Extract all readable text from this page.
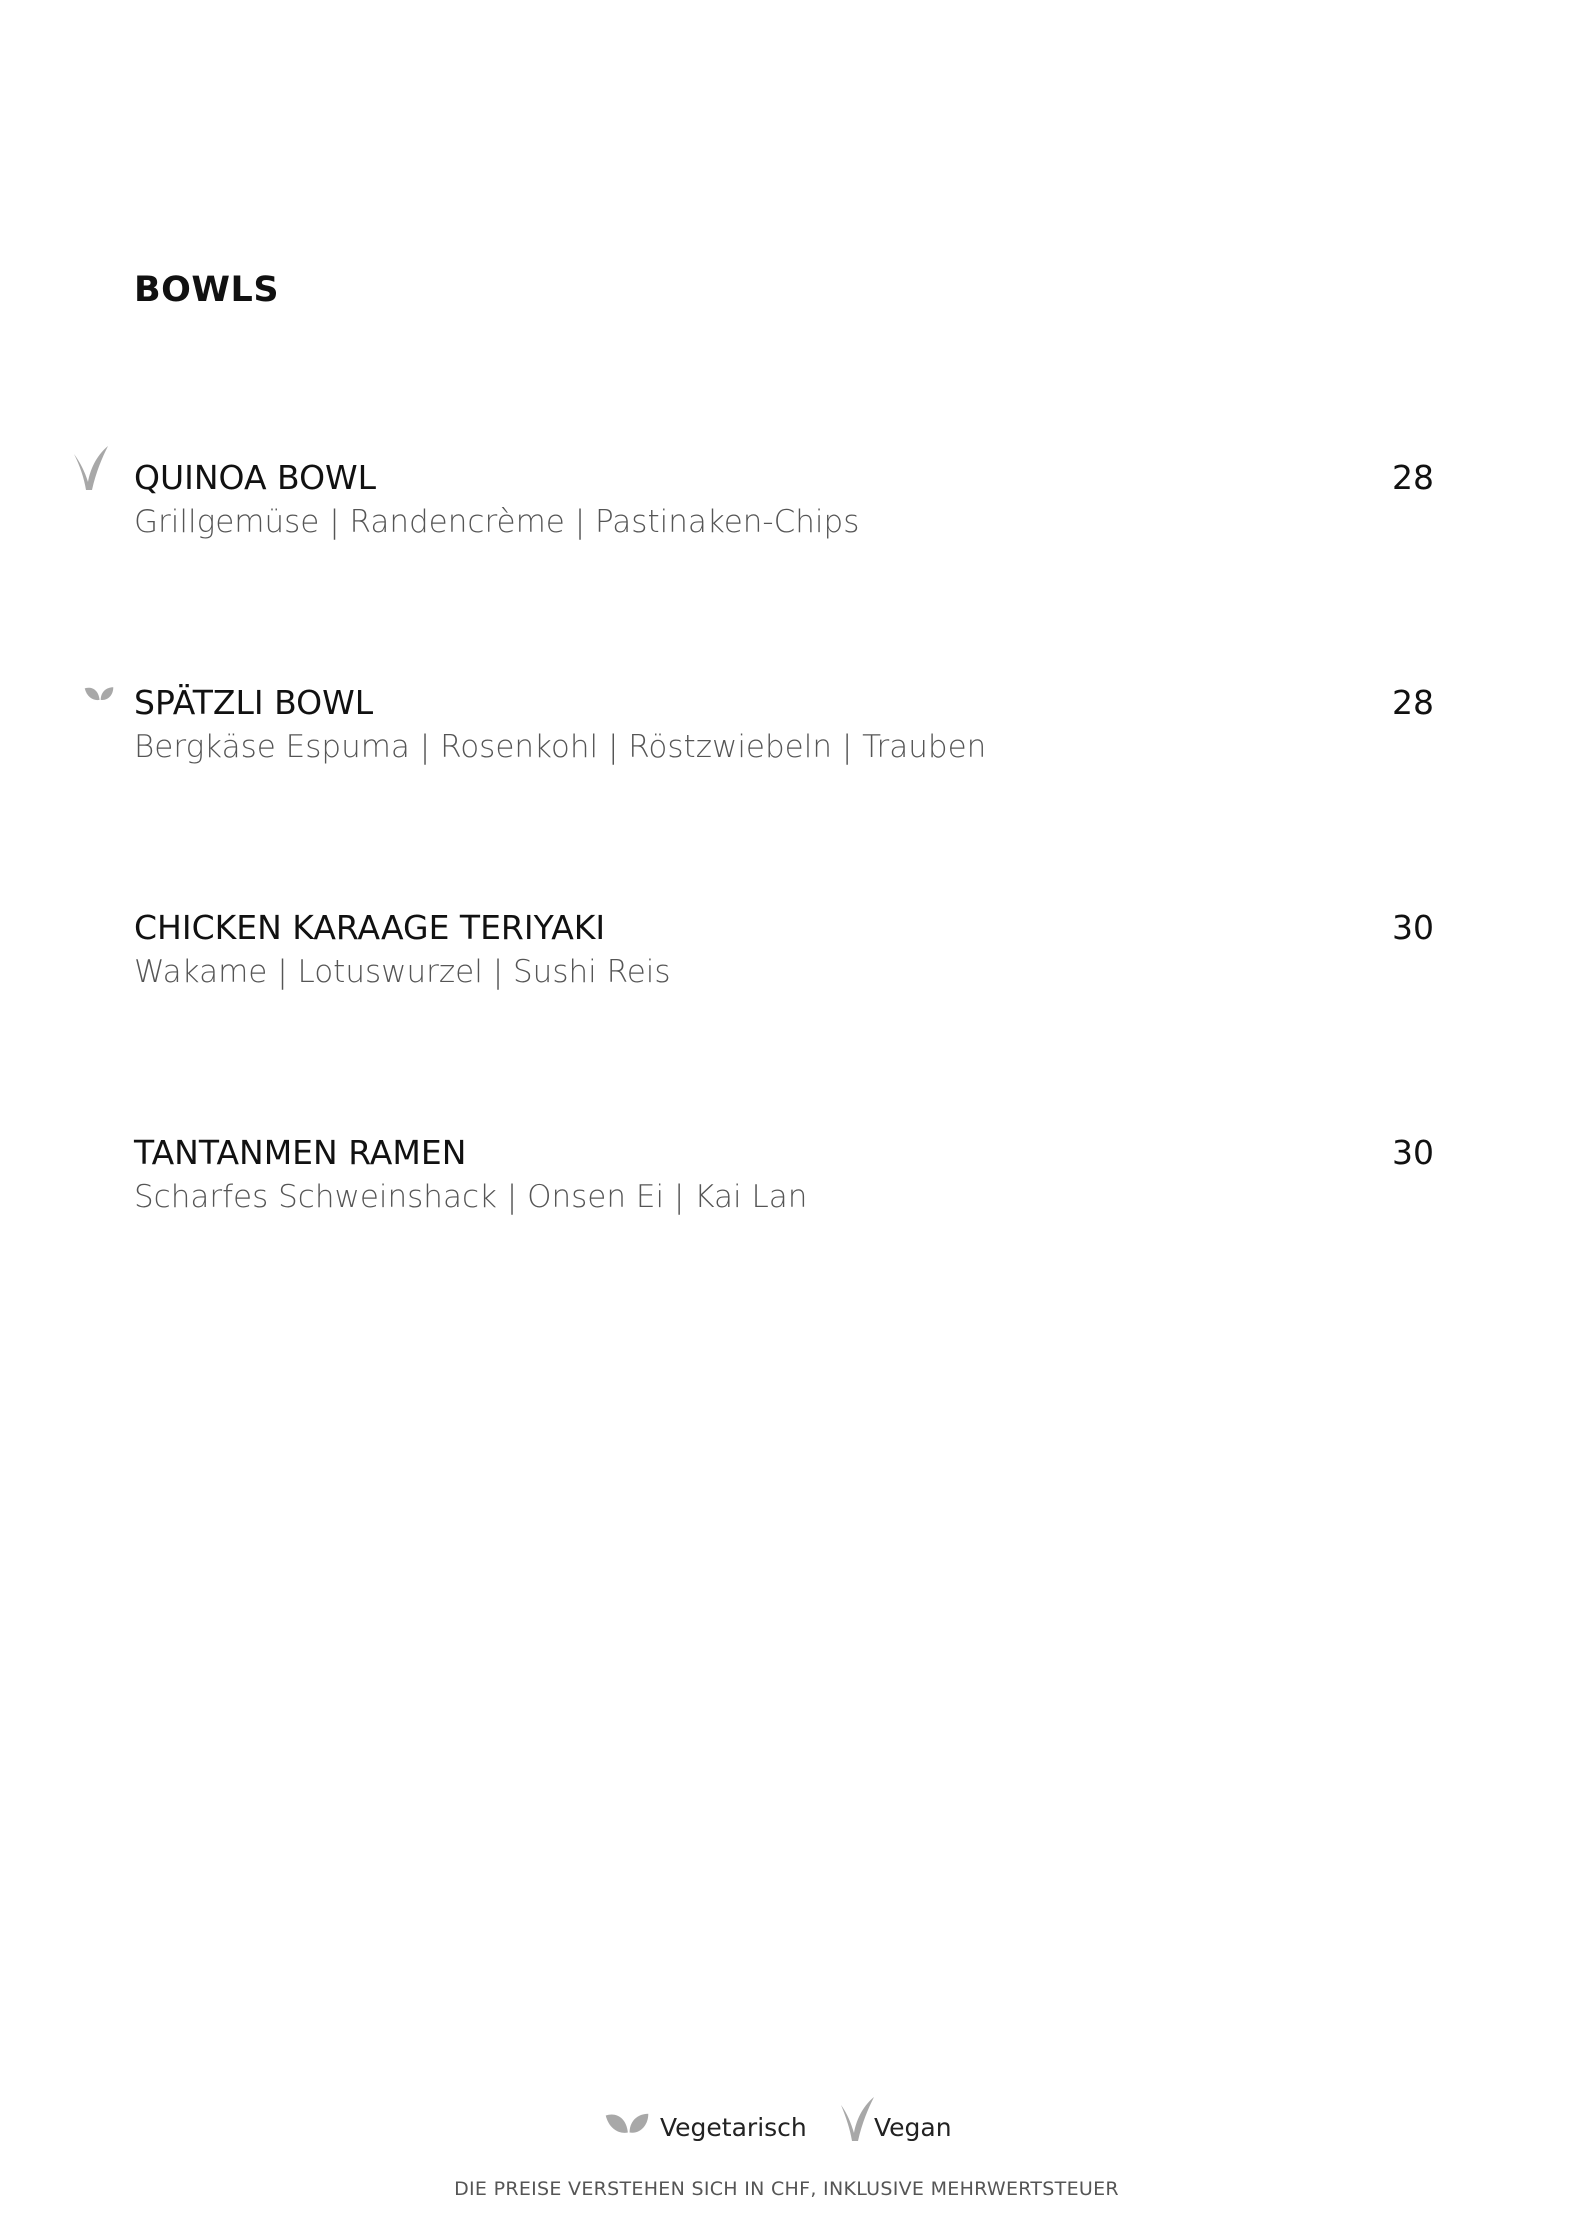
BOWLS
QUINOA BOWL	28
Grillgemüse | Randencrème | Pastinaken-Chips
SPÄTZLI BOWL	28
Bergkäse Espuma | Rosenkohl | Röstzwiebeln | Trauben
CHICKEN KARAAGE TERIYAKI	30
Wakame | Lotuswurzel | Sushi Reis
TANTANMEN RAMEN	30
Scharfes Schweinshack | Onsen Ei | Kai Lan
Vegetarisch	Vegan
DIE PREISE VERSTEHEN SICH IN CHF, INKLUSIVE MEHRWERTSTEUER
